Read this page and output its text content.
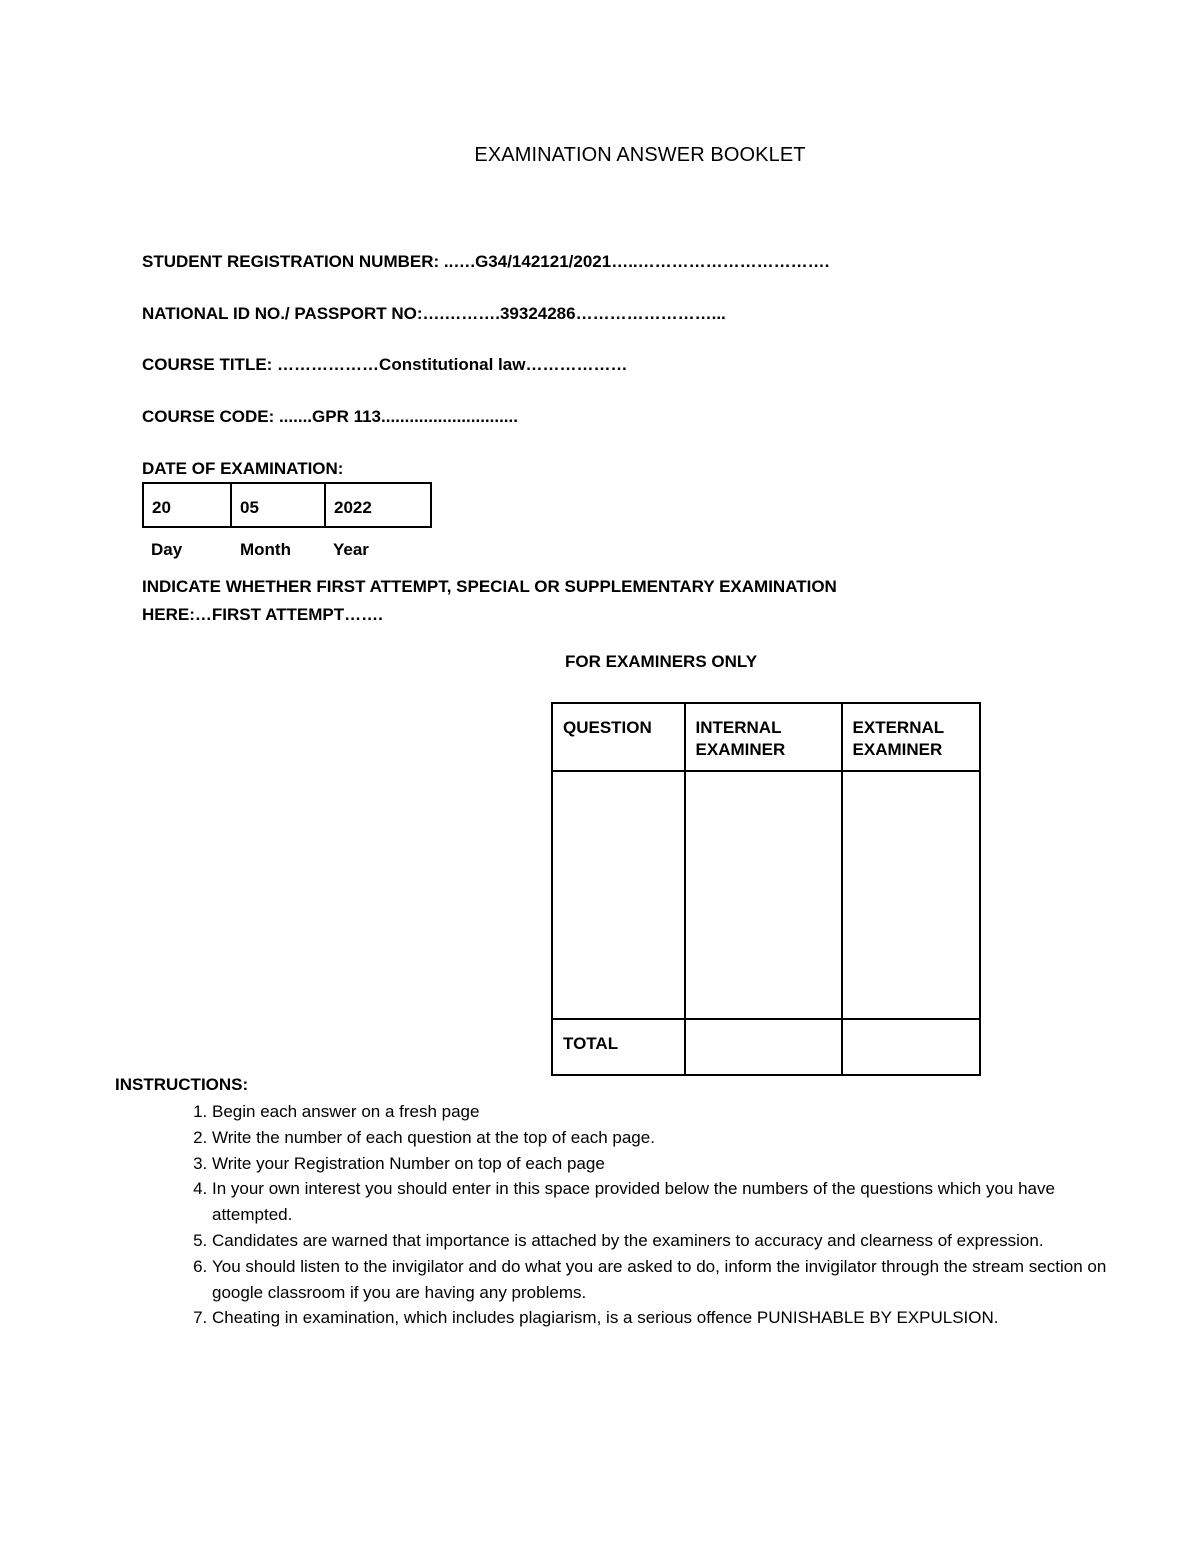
EXAMINATION ANSWER BOOKLET
STUDENT REGISTRATION NUMBER: ..….G34/142121/2021…..…………………………….
NATIONAL ID NO./ PASSPORT NO:….……….39324286……………………...
COURSE TITLE: ………………Constitutional law………………
COURSE CODE: .......GPR 113.............................
DATE OF EXAMINATION:
20	05	2022
Day	Month Year
INDICATE WHETHER FIRST ATTEMPT, SPECIAL OR SUPPLEMENTARY EXAMINATION
HERE:…FIRST ATTEMPT…….
FOR EXAMINERS ONLY
QUESTION	INTERNAL EXAMINER	EXTERNAL EXAMINER

TOTAL		
INSTRUCTIONS:
1. Begin each answer on a fresh page
2. Write the number of each question at the top of each page.
3. Write your Registration Number on top of each page
4. In your own interest you should enter in this space provided below the numbers of the questions which you have attempted.
5. Candidates are warned that importance is attached by the examiners to accuracy and clearness of expression.
6. You should listen to the invigilator and do what you are asked to do, inform the invigilator through the stream section on google classroom if you are having any problems.
7. Cheating in examination, which includes plagiarism, is a serious offence PUNISHABLE BY EXPULSION.
